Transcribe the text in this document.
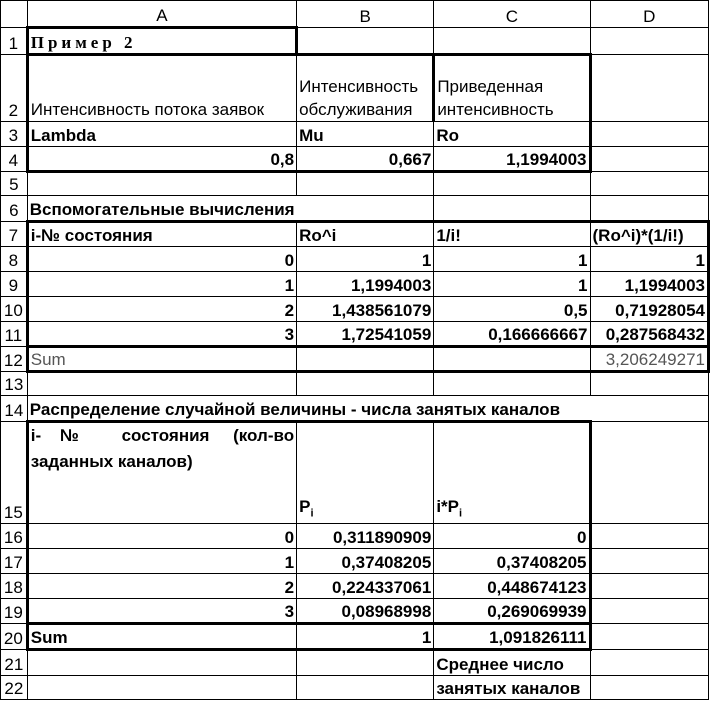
	A	B	C	D
1	Пример 2			
2	Интенсивность потока заявок	Интенсивность обслуживания	Приведенная интенсивность	
3	Lambda	Mu	Ro	
4	0,8	0,667	1,1994003	
5				
6	Вспомогательные вычисления			
7	i-№ состояния	Ro^i	1/i!	(Ro^i)*(1/i!)
8	0	1	1	1
9	1	1,1994003	1	1,1994003
10	2	1,438561079	0,5	0,71928054
11	3	1,72541059	0,166666667	0,287568432
12	Sum			3,206249271
13				
14	Распределение случайной величины - числа занятых каналов			
15	i-№ состояния (кол-во заданных каналов)	$P_i$	$i*P_i$	
16	0	0,311890909	0	
17	1	0,37408205	0,37408205	
18	2	0,224337061	0,448674123	
19	3	0,08968998	0,269069939	
20	Sum	1	1,091826111	
21			Среднее число	
22			занятых каналов	
